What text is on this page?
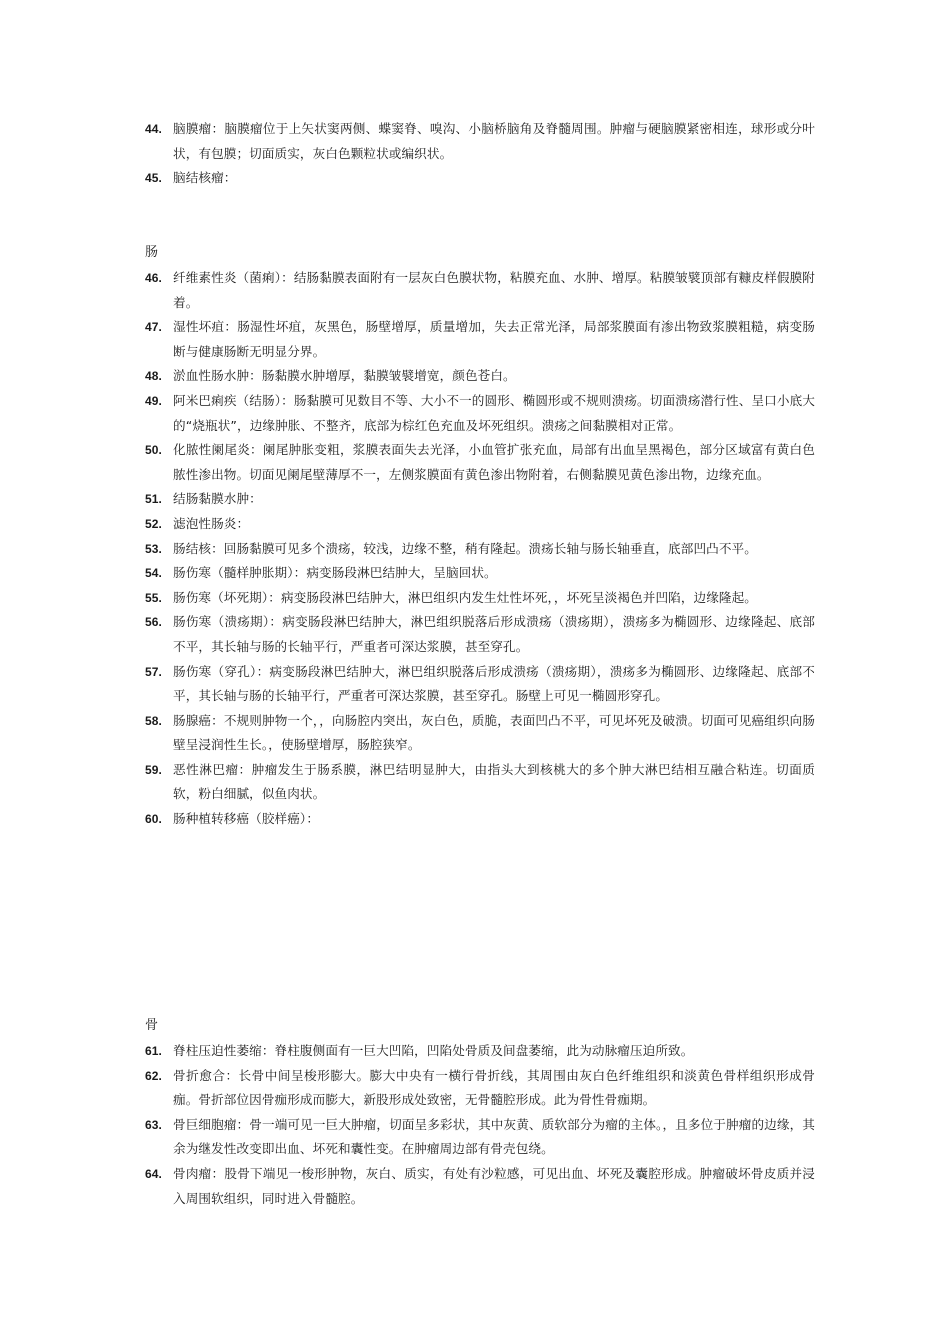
44. 脑膜瘤：脑膜瘤位于上矢状窦两侧、蝶窦脊、嗅沟、小脑桥脑角及脊髓周围。肿瘤与硬脑膜紧密相连，球形或分叶状，有包膜；切面质实，灰白色颗粒状或编织状。
45. 脑结核瘤：
肠
46. 纤维素性炎（菌痢）：结肠黏膜表面附有一层灰白色膜状物，粘膜充血、水肿、增厚。粘膜皱襞顶部有糠皮样假膜附着。
47. 湿性坏疽：肠湿性坏疽，灰黑色，肠壁增厚，质量增加，失去正常光泽，局部浆膜面有渗出物致浆膜粗糙，病变肠断与健康肠断无明显分界。
48. 淤血性肠水肿：肠黏膜水肿增厚，黏膜皱襞增宽，颜色苍白。
49. 阿米巴痢疾（结肠）：肠黏膜可见数目不等、大小不一的圆形、椭圆形或不规则溃疡。切面溃疡潜行性、呈口小底大的“烧瓶状”，边缘肿胀、不整齐，底部为棕红色充血及坏死组织。溃疡之间黏膜相对正常。
50. 化脓性阑尾炎：阑尾肿胀变粗，浆膜表面失去光泽，小血管扩张充血，局部有出血呈黑褐色，部分区域富有黄白色脓性渗出物。切面见阑尾壁薄厚不一，左侧浆膜面有黄色渗出物附着，右侧黏膜见黄色渗出物，边缘充血。
51. 结肠黏膜水肿：
52. 滤泡性肠炎：
53. 肠结核：回肠黏膜可见多个溃疡，较浅，边缘不整，稍有隆起。溃疡长轴与肠长轴垂直，底部凹凸不平。
54. 肠伤寒（髓样肿胀期）：病变肠段淋巴结肿大，呈脑回状。
55. 肠伤寒（坏死期）：病变肠段淋巴结肿大，淋巴组织内发生灶性坏死，，坏死呈淡褐色并凹陷，边缘隆起。
56. 肠伤寒（溃疡期）：病变肠段淋巴结肿大，淋巴组织脱落后形成溃疡（溃疡期），溃疡多为椭圆形、边缘隆起、底部不平，其长轴与肠的长轴平行，严重者可深达浆膜，甚至穿孔。
57. 肠伤寒（穿孔）：病变肠段淋巴结肿大，淋巴组织脱落后形成溃疡（溃疡期），溃疡多为椭圆形、边缘隆起、底部不平，其长轴与肠的长轴平行，严重者可深达浆膜，甚至穿孔。肠壁上可见一椭圆形穿孔。
58. 肠腺癌：不规则肿物一个，，向肠腔内突出，灰白色，质脆，表面凹凸不平，可见坏死及破溃。切面可见癌组织向肠壁呈浸润性生长。，使肠壁增厚，肠腔狭窄。
59. 恶性淋巴瘤：肿瘤发生于肠系膜，淋巴结明显肿大，由指头大到核桃大的多个肿大淋巴结相互融合粘连。切面质软，粉白细腻，似鱼肉状。
60. 肠种植转移癌（胶样癌）：
骨
61. 脊柱压迫性萎缩：脊柱腹侧面有一巨大凹陷，凹陷处骨质及间盘萎缩，此为动脉瘤压迫所致。
62. 骨折愈合：长骨中间呈梭形膨大。膨大中央有一横行骨折线，其周围由灰白色纤维组织和淡黄色骨样组织形成骨痂。骨折部位因骨痂形成而膨大，新股形成处致密，无骨髓腔形成。此为骨性骨痂期。
63. 骨巨细胞瘤：骨一端可见一巨大肿瘤，切面呈多彩状，其中灰黄、质软部分为瘤的主体。，且多位于肿瘤的边缘，其余为继发性改变即出血、坏死和囊性变。在肿瘤周边部有骨壳包绕。
64. 骨肉瘤：股骨下端见一梭形肿物，灰白、质实，有处有沙粒感，可见出血、坏死及囊腔形成。肿瘤破坏骨皮质并浸入周围软组织，同时进入骨髓腔。
